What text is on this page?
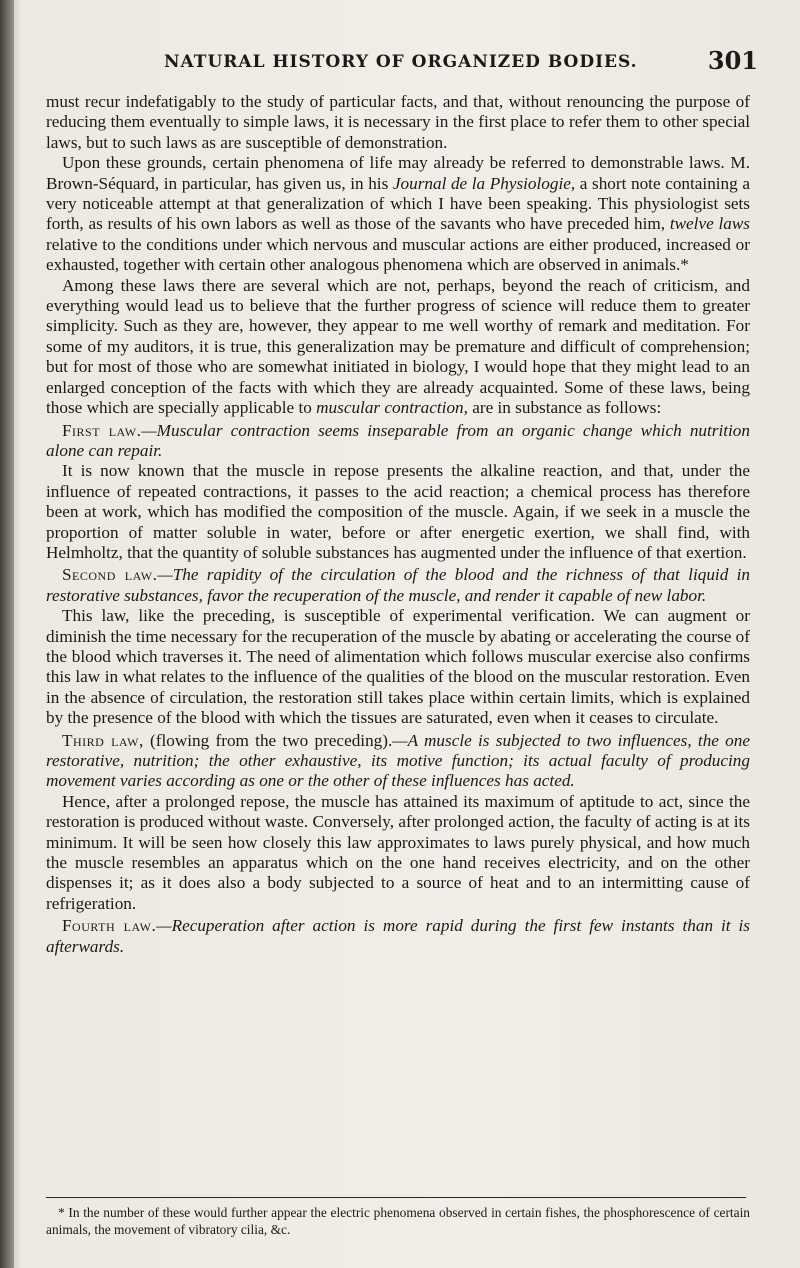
NATURAL HISTORY OF ORGANIZED BODIES.	301

must recur indefatigably to the study of particular facts, and that, without renouncing the purpose of reducing them eventually to simple laws, it is necessary in the first place to refer them to other special laws, but to such laws as are susceptible of demonstration.

Upon these grounds, certain phenomena of life may already be referred to demonstrable laws. M. Brown-Séquard, in particular, has given us, in his Journal de la Physiologie, a short note containing a very noticeable attempt at that generalization of which I have been speaking. This physiologist sets forth, as results of his own labors as well as those of the savants who have preceded him, twelve laws relative to the conditions under which nervous and muscular actions are either produced, increased or exhausted, together with certain other analogous phenomena which are observed in animals.*

Among these laws there are several which are not, perhaps, beyond the reach of criticism, and everything would lead us to believe that the further progress of science will reduce them to greater simplicity. Such as they are, however, they appear to me well worthy of remark and meditation. For some of my auditors, it is true, this generalization may be premature and difficult of comprehension; but for most of those who are somewhat initiated in biology, I would hope that they might lead to an enlarged conception of the facts with which they are already acquainted. Some of these laws, being those which are specially applicable to muscular contraction, are in substance as follows:

First law.—Muscular contraction seems inseparable from an organic change which nutrition alone can repair.

It is now known that the muscle in repose presents the alkaline reaction, and that, under the influence of repeated contractions, it passes to the acid reaction; a chemical process has therefore been at work, which has modified the composition of the muscle. Again, if we seek in a muscle the proportion of matter soluble in water, before or after energetic exertion, we shall find, with Helmholtz, that the quantity of soluble substances has augmented under the influence of that exertion.

Second law.—The rapidity of the circulation of the blood and the richness of that liquid in restorative substances, favor the recuperation of the muscle, and render it capable of new labor.

This law, like the preceding, is susceptible of experimental verification. We can augment or diminish the time necessary for the recuperation of the muscle by abating or accelerating the course of the blood which traverses it. The need of alimentation which follows muscular exercise also confirms this law in what relates to the influence of the qualities of the blood on the muscular restoration. Even in the absence of circulation, the restoration still takes place within certain limits, which is explained by the presence of the blood with which the tissues are saturated, even when it ceases to circulate.

Third law, (flowing from the two preceding).—A muscle is subjected to two influences, the one restorative, nutrition; the other exhaustive, its motive function; its actual faculty of producing movement varies according as one or the other of these influences has acted.

Hence, after a prolonged repose, the muscle has attained its maximum of aptitude to act, since the restoration is produced without waste. Conversely, after prolonged action, the faculty of acting is at its minimum. It will be seen how closely this law approximates to laws purely physical, and how much the muscle resembles an apparatus which on the one hand receives electricity, and on the other dispenses it; as it does also a body subjected to a source of heat and to an intermitting cause of refrigeration.

Fourth law.—Recuperation after action is more rapid during the first few instants than it is afterwards.

* In the number of these would further appear the electric phenomena observed in certain fishes, the phosphorescence of certain animals, the movement of vibratory cilia, &c.
